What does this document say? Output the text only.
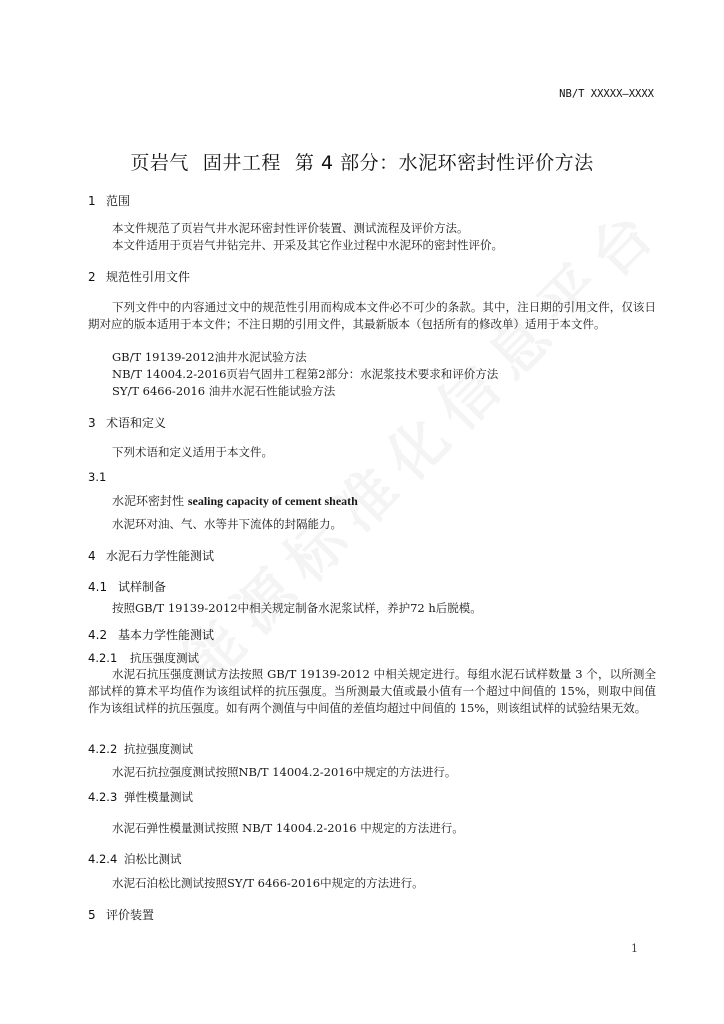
NB/T XXXXX—XXXX
页岩气 固井工程 第 4 部分：水泥环密封性评价方法
1 范围
本文件规范了页岩气井水泥环密封性评价装置、测试流程及评价方法。
本文件适用于页岩气井钻完井、开采及其它作业过程中水泥环的密封性评价。
2 规范性引用文件
下列文件中的内容通过文中的规范性引用而构成本文件必不可少的条款。其中，注日期的引用文件，仅该日期对应的版本适用于本文件；不注日期的引用文件，其最新版本（包括所有的修改单）适用于本文件。
GB/T 19139-2012油井水泥试验方法
NB/T 14004.2-2016页岩气固井工程第2部分：水泥浆技术要求和评价方法
SY/T 6466-2016 油井水泥石性能试验方法
3 术语和定义
下列术语和定义适用于本文件。
3.1
水泥环密封性 sealing capacity of cement sheath
水泥环对油、气、水等井下流体的封隔能力。
4 水泥石力学性能测试
4.1 试样制备
按照GB/T 19139-2012中相关规定制备水泥浆试样，养护72 h后脱模。
4.2 基本力学性能测试
4.2.1 抗压强度测试
水泥石抗压强度测试方法按照 GB/T 19139-2012 中相关规定进行。每组水泥石试样数量 3 个，以所测全部试样的算术平均值作为该组试样的抗压强度。当所测最大值或最小值有一个超过中间值的 15%，则取中间值作为该组试样的抗压强度。如有两个测值与中间值的差值均超过中间值的 15%，则该组试样的试验结果无效。
4.2.2 抗拉强度测试
水泥石抗拉强度测试按照NB/T 14004.2-2016中规定的方法进行。
4.2.3 弹性模量测试
水泥石弹性模量测试按照 NB/T 14004.2-2016 中规定的方法进行。
4.2.4 泊松比测试
水泥石泊松比测试按照SY/T 6466-2016中规定的方法进行。
5 评价装置
1
